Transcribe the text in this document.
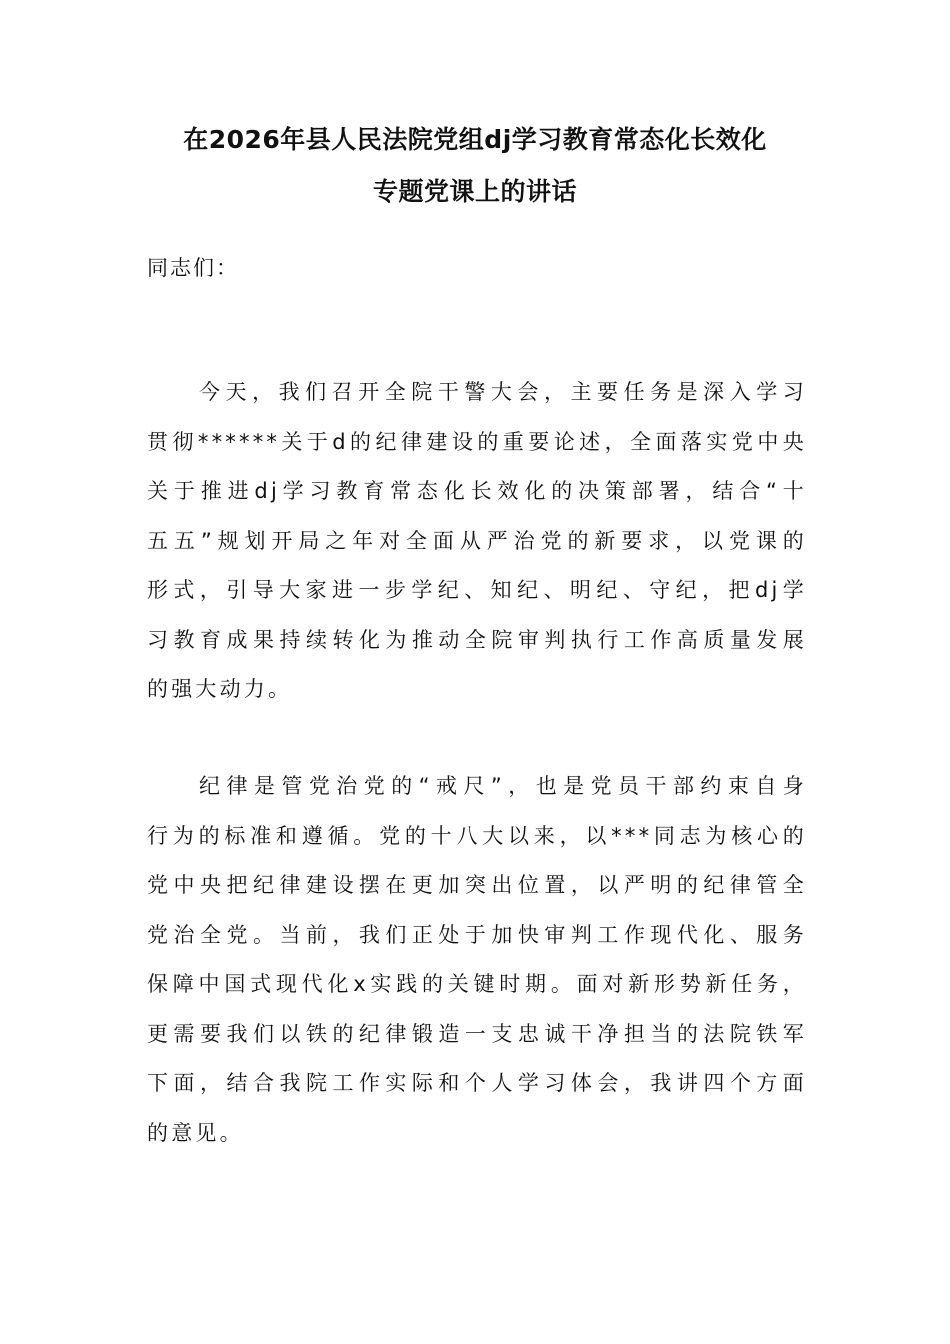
在2026年县人民法院党组dj学习教育常态化长效化
专题党课上的讲话

同志们：

今天，我们召开全院干警大会，主要任务是深入学习
贯彻******关于d的纪律建设的重要论述，全面落实党中央
关于推进dj学习教育常态化长效化的决策部署，结合“十
五五”规划开局之年对全面从严治党的新要求，以党课的
形式，引导大家进一步学纪、知纪、明纪、守纪，把dj学
习教育成果持续转化为推动全院审判执行工作高质量发展
的强大动力。
纪律是管党治党的“戒尺”，也是党员干部约束自身
行为的标准和遵循。党的十八大以来，以***同志为核心的
党中央把纪律建设摆在更加突出位置，以严明的纪律管全
党治全党。当前，我们正处于加快审判工作现代化、服务
保障中国式现代化x实践的关键时期。面对新形势新任务，
更需要我们以铁的纪律锻造一支忠诚干净担当的法院铁军
下面，结合我院工作实际和个人学习体会，我讲四个方面
的意见。
